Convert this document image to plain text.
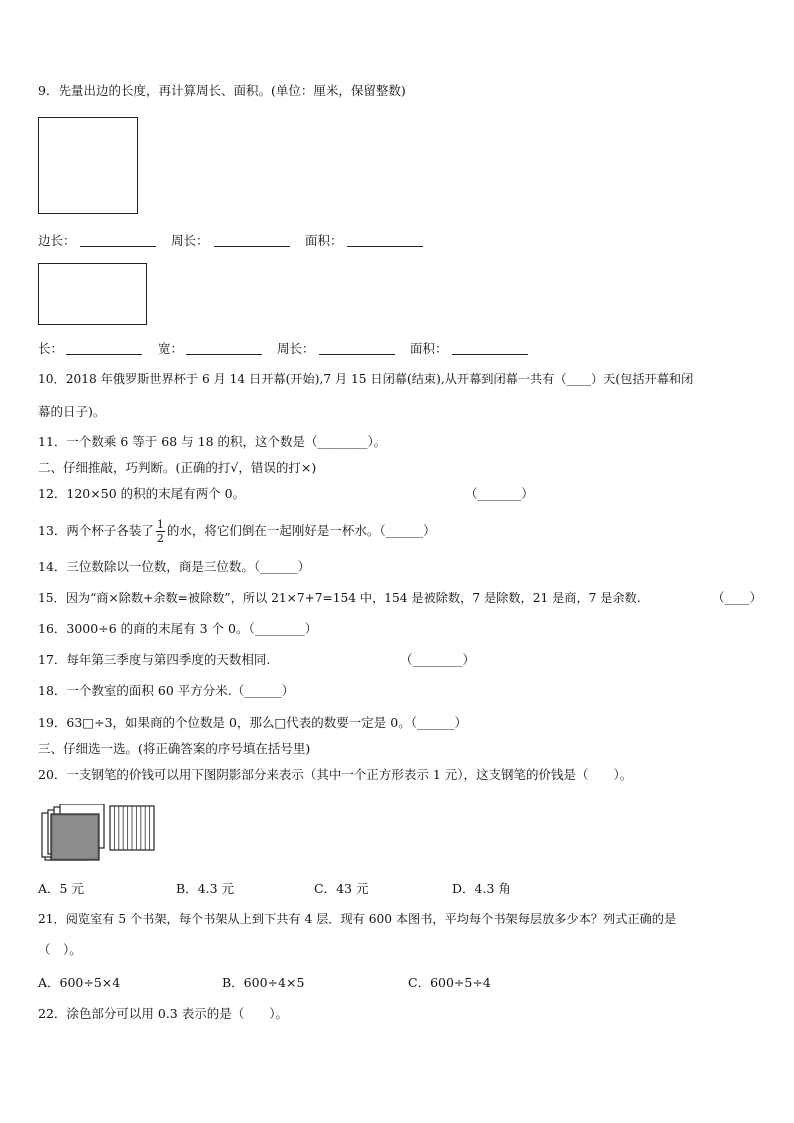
9．先量出边的长度，再计算周长、面积。(单位：厘米，保留整数)
边长：	周长：	面积：
长：	宽：	周长：	面积：
10．2018 年俄罗斯世界杯于 6 月 14 日开幕(开始),7 月 15 日闭幕(结束),从开幕到闭幕一共有（____）天(包括开幕和闭
幕的日子)。
11．一个数乘 6 等于 68 与 18 的积，这个数是（________）。
二、仔细推敲，巧判断。(正确的打√，错误的打×)
12．120×50 的积的末尾有两个 0。	（_______）
13．两个杯子各装了 $\frac{1}{2}$ 的水，将它们倒在一起刚好是一杯水。（______）
14．三位数除以一位数，商是三位数。（______）
15．因为“商×除数+余数=被除数”，所以 21×7+7=154 中，154 是被除数，7 是除数，21 是商，7 是余数.	（____）
16．3000÷6 的商的末尾有 3 个 0。（________）
17．每年第三季度与第四季度的天数相同.	（________）
18．一个教室的面积 60 平方分米.（______）
19．63□÷3，如果商的个位数是 0，那么□代表的数要一定是 0。（______）
三、仔细选一选。(将正确答案的序号填在括号里)
20．一支钢笔的价钱可以用下图阴影部分来表示（其中一个正方形表示 1 元），这支钢笔的价钱是（　　）。
A．5 元	B．4.3 元	C．43 元	D．4.3 角
21．阅览室有 5 个书架，每个书架从上到下共有 4 层．现有 600 本图书，平均每个书架每层放多少本？列式正确的是
（　）。
A．600÷5×4	B．600÷4×5	C．600÷5÷4
22．涂色部分可以用 0.3 表示的是（　　）。
